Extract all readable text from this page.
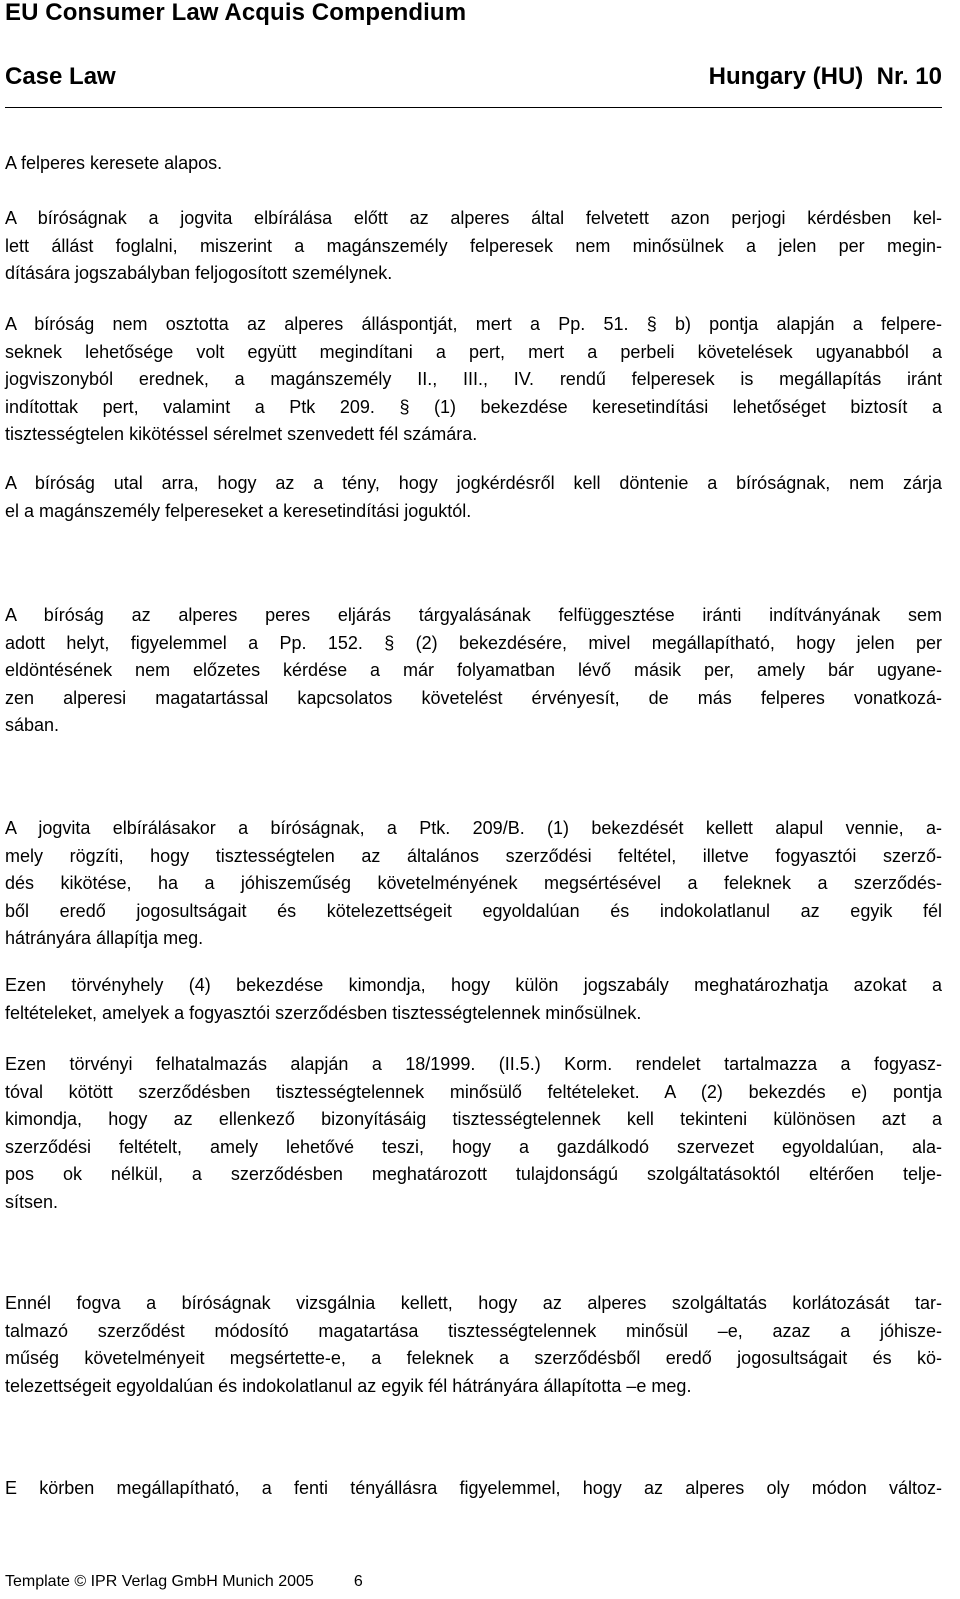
EU Consumer Law Acquis Compendium
Case Law	Hungary (HU)  Nr. 10
A felperes keresete alapos.
A bíróságnak a jogvita elbírálása előtt az alperes által felvetett azon perjogi kérdésben kel-
lett állást foglalni, miszerint a magánszemély felperesek nem minősülnek a jelen per megin-
dítására jogszabályban feljogosított személynek.
A bíróság nem osztotta az alperes álláspontját, mert a Pp. 51. § b) pontja alapján a felpere-
seknek lehetősége volt együtt megindítani a pert, mert a perbeli követelések ugyanabból a
jogviszonyból erednek, a magánszemély II., III., IV. rendű felperesek is megállapítás iránt
indítottak pert, valamint a Ptk 209. § (1) bekezdése keresetindítási lehetőséget biztosít a
tisztességtelen kikötéssel sérelmet szenvedett fél számára.
A bíróság utal arra, hogy az a tény, hogy jogkérdésről kell döntenie a bíróságnak, nem zárja
el a magánszemély felpereseket a keresetindítási joguktól.
A bíróság az alperes peres eljárás tárgyalásának felfüggesztése iránti indítványának sem
adott helyt, figyelemmel a Pp. 152. § (2) bekezdésére, mivel megállapítható, hogy jelen per
eldöntésének nem előzetes kérdése a már folyamatban lévő másik per, amely bár ugyane-
zen alperesi magatartással kapcsolatos követelést érvényesít, de más felperes vonatkozá-
sában.
A jogvita elbírálásakor a bíróságnak, a Ptk. 209/B. (1) bekezdését kellett alapul vennie, a-
mely rögzíti, hogy tisztességtelen az általános szerződési feltétel, illetve fogyasztói szerző-
dés kikötése, ha a jóhiszeműség követelményének megsértésével a feleknek a szerződés-
ből eredő jogosultságait és kötelezettségeit egyoldalúan és indokolatlanul az egyik fél
hátrányára állapítja meg.
Ezen törvényhely (4) bekezdése kimondja, hogy külön jogszabály meghatározhatja azokat a
feltételeket, amelyek a fogyasztói szerződésben tisztességtelennek minősülnek.
Ezen törvényi felhatalmazás alapján a 18/1999. (II.5.) Korm. rendelet tartalmazza a fogyasz-
tóval kötött szerződésben tisztességtelennek minősülő feltételeket. A (2) bekezdés e) pontja
kimondja, hogy az ellenkező bizonyításáig tisztességtelennek kell tekinteni különösen azt a
szerződési feltételt, amely lehetővé teszi, hogy a gazdálkodó szervezet egyoldalúan, ala-
pos ok nélkül, a szerződésben meghatározott tulajdonságú szolgáltatásoktól eltérően telje-
sítsen.
Ennél fogva a bíróságnak vizsgálnia kellett, hogy az alperes szolgáltatás korlátozását tar-
talmazó szerződést módosító magatartása tisztességtelennek minősül –e, azaz a jóhisze-
műség követelményeit megsértette-e, a feleknek a szerződésből eredő jogosultságait és kö-
telezettségeit egyoldalúan és indokolatlanul az egyik fél hátrányára állapította –e meg.
E körben megállapítható, a fenti tényállásra figyelemmel, hogy az alperes oly módon változ-
Template © IPR Verlag GmbH Munich 2005	6
